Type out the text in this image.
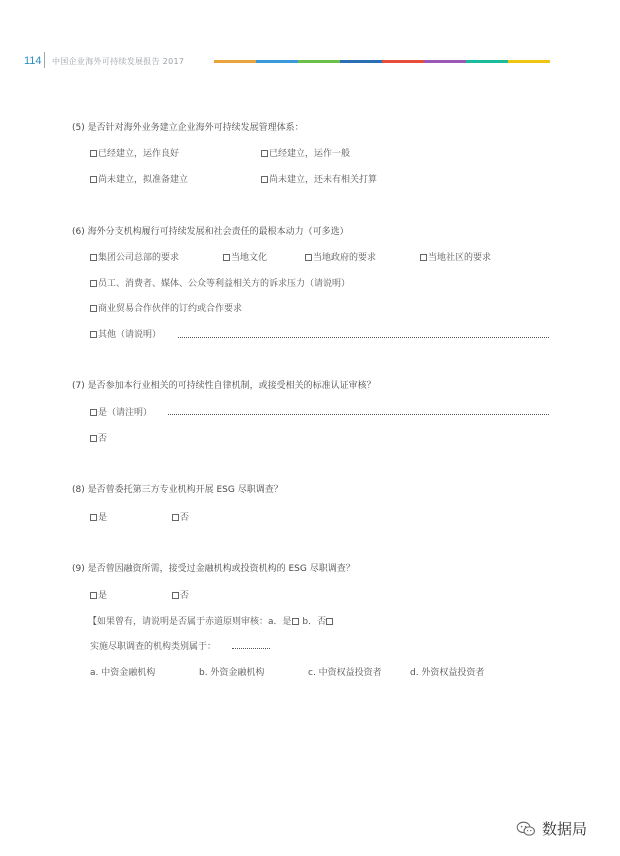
114 中国企业海外可持续发展报告 2017
(5) 是否针对海外业务建立企业海外可持续发展管理体系：
已经建立，运作良好	已经建立，运作一般
尚未建立，拟准备建立	尚未建立，还未有相关打算
(6) 海外分支机构履行可持续发展和社会责任的最根本动力（可多选）
集团公司总部的要求	当地文化	当地政府的要求	当地社区的要求
员工、消费者、媒体、公众等利益相关方的诉求压力（请说明）
商业贸易合作伙伴的订约或合作要求
其他（请说明）
(7) 是否参加本行业相关的可持续性自律机制，或接受相关的标准认证审核？
是（请注明）
否
(8) 是否曾委托第三方专业机构开展 ESG 尽职调查？
是	否
(9) 是否曾因融资所需，接受过金融机构或投资机构的 ESG 尽职调查？
是	否
【如果曾有，请说明是否属于赤道原则审核：a．是 b．否
实施尽职调查的机构类别属于：
a. 中资金融机构	b. 外资金融机构	c. 中资权益投资者	d. 外资权益投资者
数据局
